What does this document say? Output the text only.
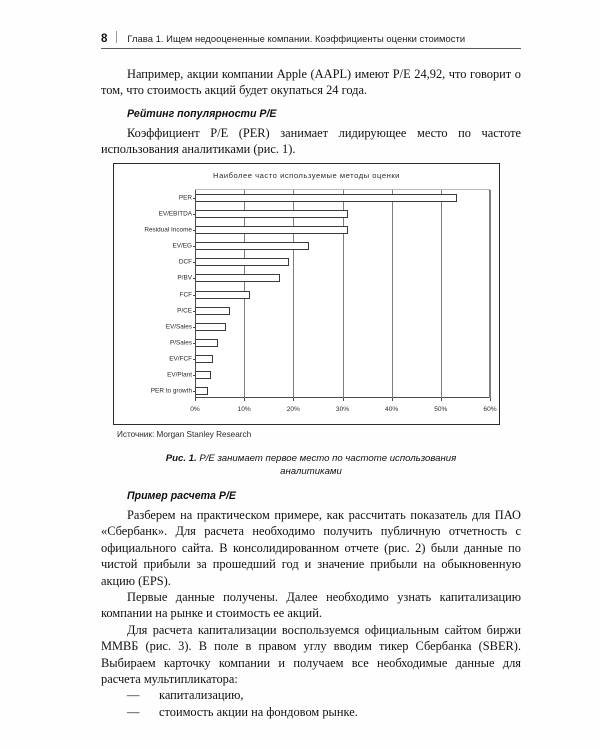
8 Глава 1. Ищем недооцененные компании. Коэффициенты оценки стоимости

Например, акции компании Apple (AAPL) имеют P/E 24,92, что говорит о том, что стоимость акций будет окупаться 24 года.

Рейтинг популярности P/E

Коэффициент P/E (PER) занимает лидирующее место по частоте использования аналитиками (рис. 1).

Наиболее часто используемые методы оценки
0%	10%	20%	30%	40%	50%	60%
PER
EV/EBITDA
Residual Income
EV/EG
DCF
P/BV
FCF
P/CE
EV/Sales
P/Sales
EV/FCF
EV/Plant
PER to growth
Источник: Morgan Stanley Research
Рис. 1. P/E занимает первое место по частоте использования
аналитиками
Пример расчета P/E

Разберем на практическом примере, как рассчитать показатель для ПАО «Сбербанк». Для расчета необходимо получить публичную отчетность с официального сайта. В консолидированном отчете (рис. 2) были данные по чистой прибыли за прошедший год и значение прибыли на обыкновенную акцию (EPS).

Первые данные получены. Далее необходимо узнать капитализацию компании на рынке и стоимость ее акций.

Для расчета капитализации воспользуемся официальным сайтом биржи ММВБ (рис. 3). В поле в правом углу вводим тикер Сбербанка (SBER). Выбираем карточку компании и получаем все необходимые данные для расчета мультипликатора:

— капитализацию,
— стоимость акции на фондовом рынке.
